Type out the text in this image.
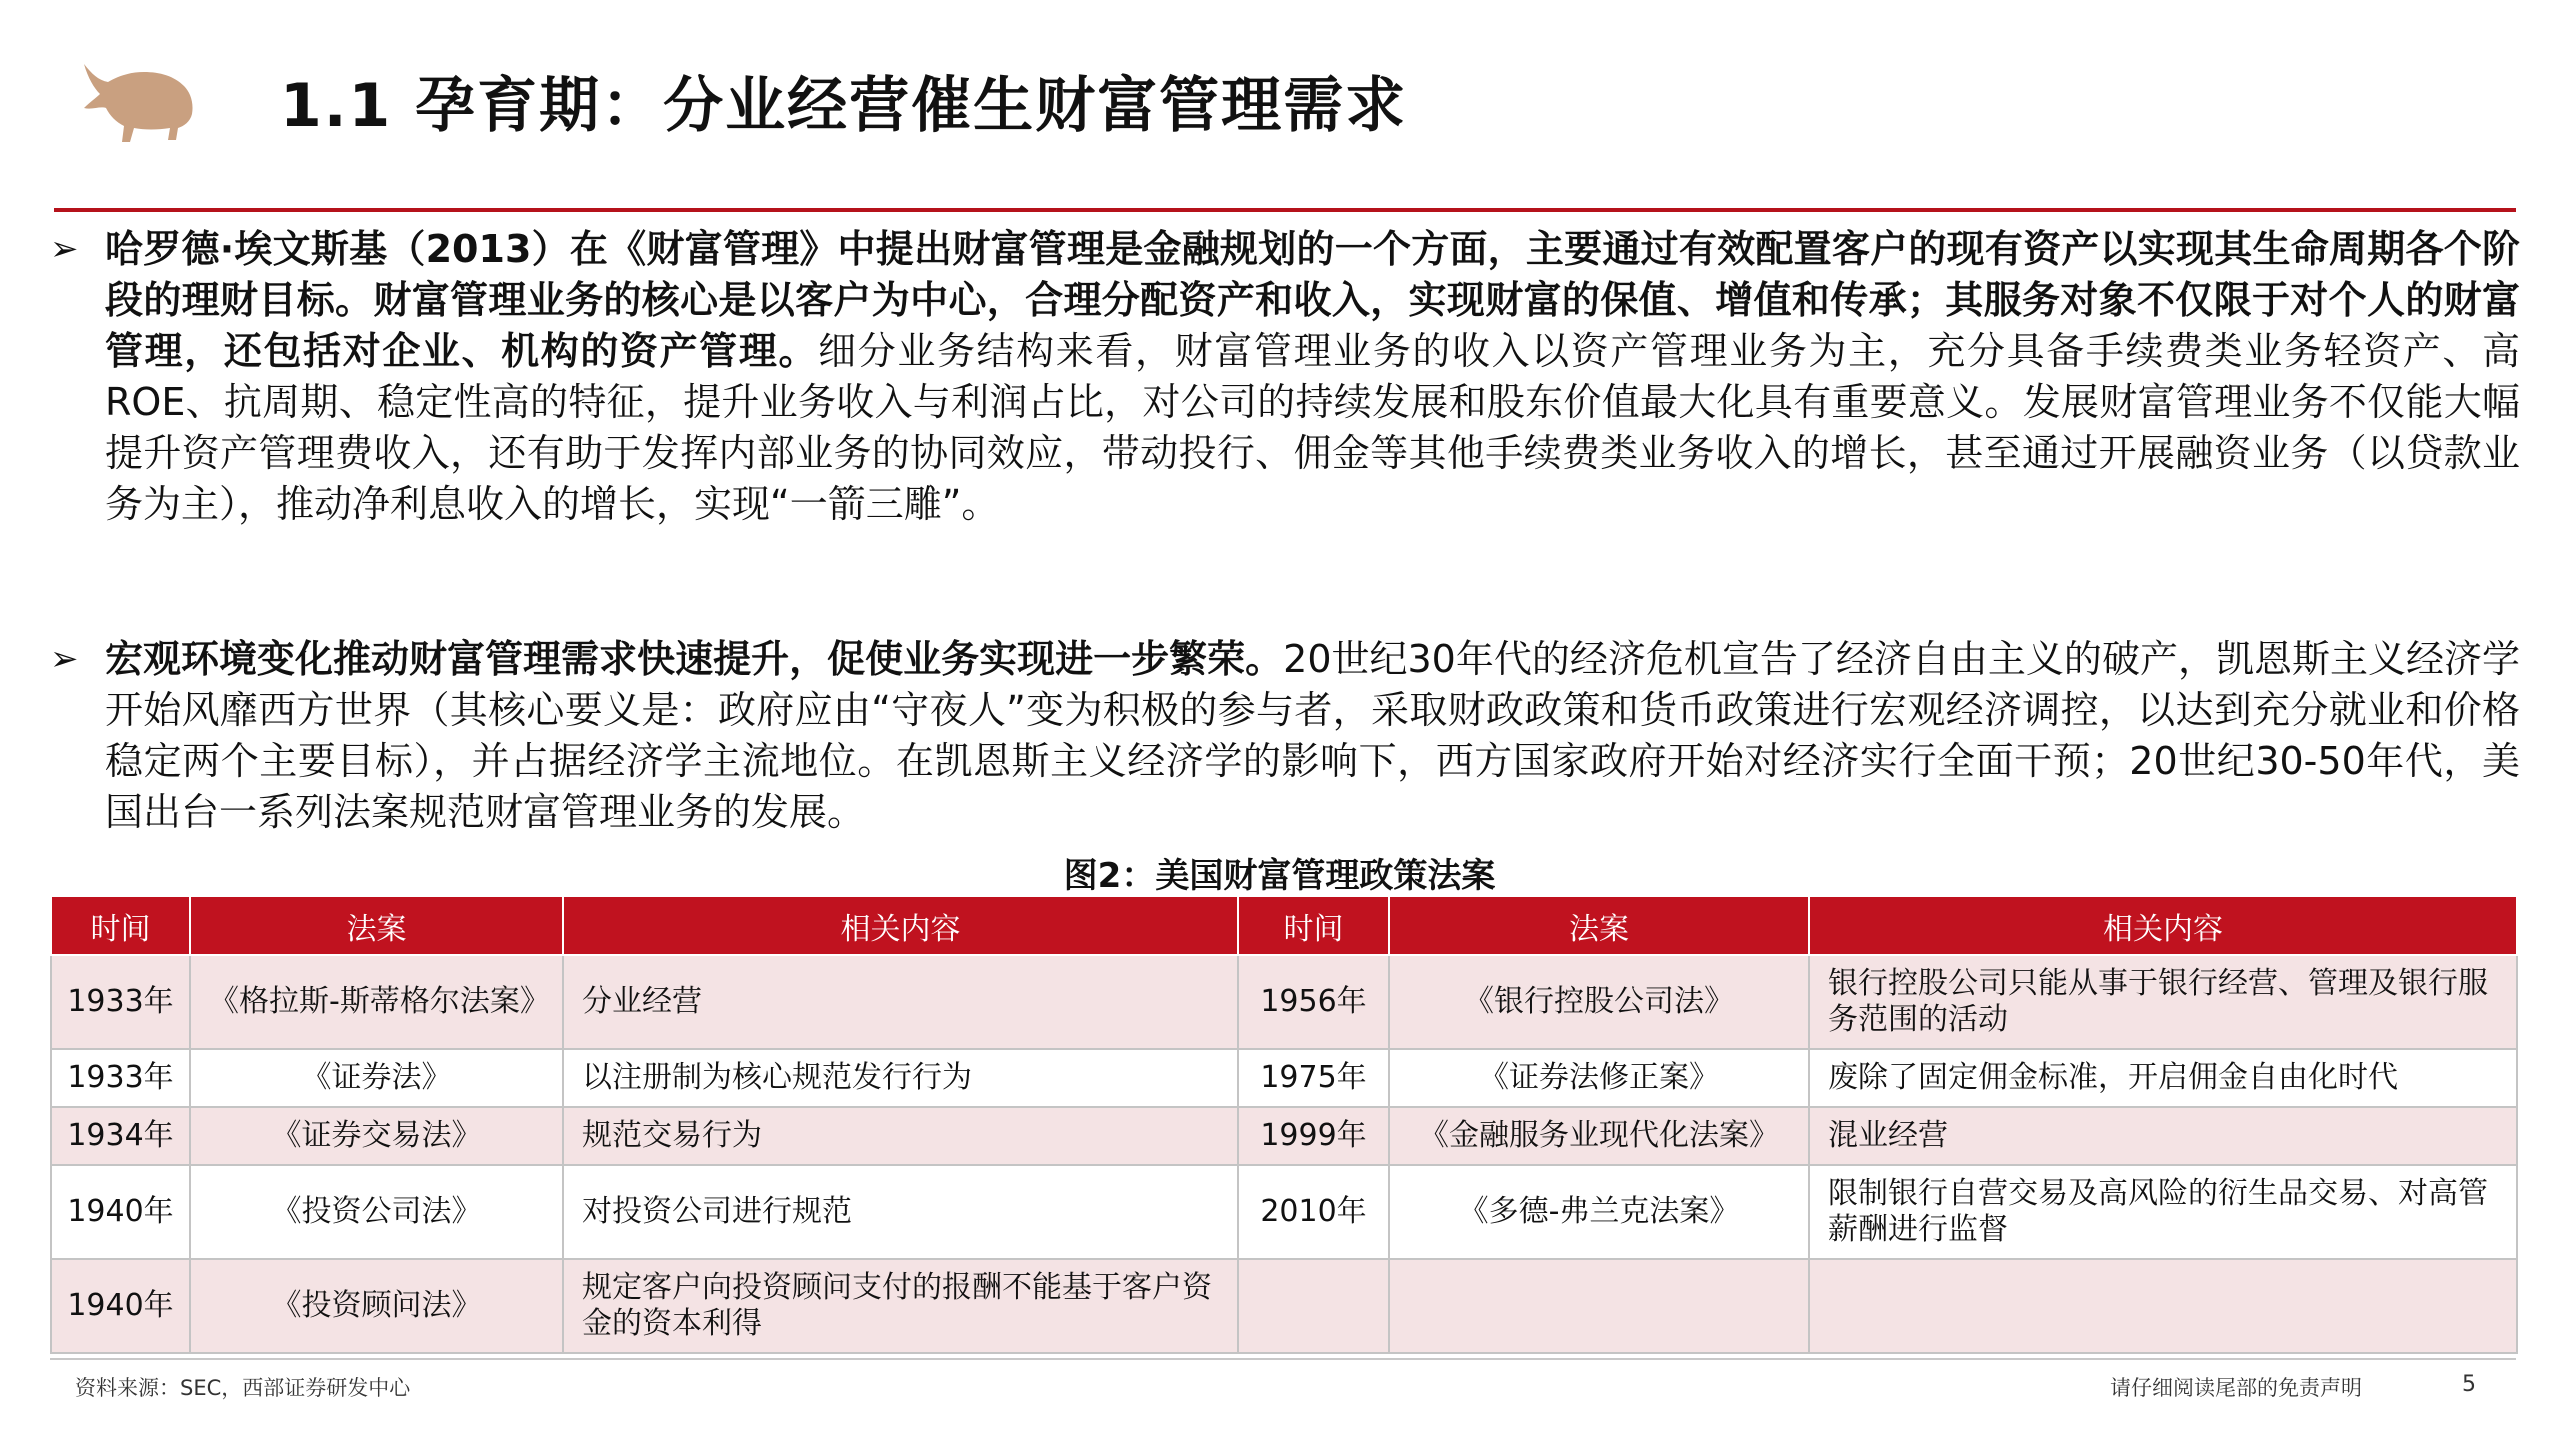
1.1 孕育期：分业经营催生财富管理需求
➢ 哈罗德·埃文斯基（2013）在《财富管理》中提出财富管理是金融规划的一个方面，主要通过有效配置客户的现有资产以实现其生命周期各个阶段的理财目标。财富管理业务的核心是以客户为中心，合理分配资产和收入，实现财富的保值、增值和传承；其服务对象不仅限于对个人的财富管理，还包括对企业、机构的资产管理。细分业务结构来看，财富管理业务的收入以资产管理业务为主，充分具备手续费类业务轻资产、高ROE、抗周期、稳定性高的特征，提升业务收入与利润占比，对公司的持续发展和股东价值最大化具有重要意义。发展财富管理业务不仅能大幅提升资产管理费收入，还有助于发挥内部业务的协同效应，带动投行、佣金等其他手续费类业务收入的增长，甚至通过开展融资业务（以贷款业务为主），推动净利息收入的增长，实现“一箭三雕”。
➢ 宏观环境变化推动财富管理需求快速提升，促使业务实现进一步繁荣。20世纪30年代的经济危机宣告了经济自由主义的破产，凯恩斯主义经济学开始风靡西方世界（其核心要义是：政府应由“守夜人”变为积极的参与者，采取财政政策和货币政策进行宏观经济调控，以达到充分就业和价格稳定两个主要目标），并占据经济学主流地位。在凯恩斯主义经济学的影响下，西方国家政府开始对经济实行全面干预；20世纪30-50年代，美国出台一系列法案规范财富管理业务的发展。
图2：美国财富管理政策法案
时间	法案	相关内容	时间	法案	相关内容
1933年	《格拉斯-斯蒂格尔法案》	分业经营	1956年	《银行控股公司法》	银行控股公司只能从事于银行经营、管理及银行服务范围的活动
1933年	《证券法》	以注册制为核心规范发行行为	1975年	《证券法修正案》	废除了固定佣金标准，开启佣金自由化时代
1934年	《证券交易法》	规范交易行为	1999年	《金融服务业现代化法案》	混业经营
1940年	《投资公司法》	对投资公司进行规范	2010年	《多德-弗兰克法案》	限制银行自营交易及高风险的衍生品交易、对高管薪酬进行监督
1940年	《投资顾问法》	规定客户向投资顾问支付的报酬不能基于客户资金的资本利得			
资料来源：SEC，西部证券研发中心	请仔细阅读尾部的免责声明	5
